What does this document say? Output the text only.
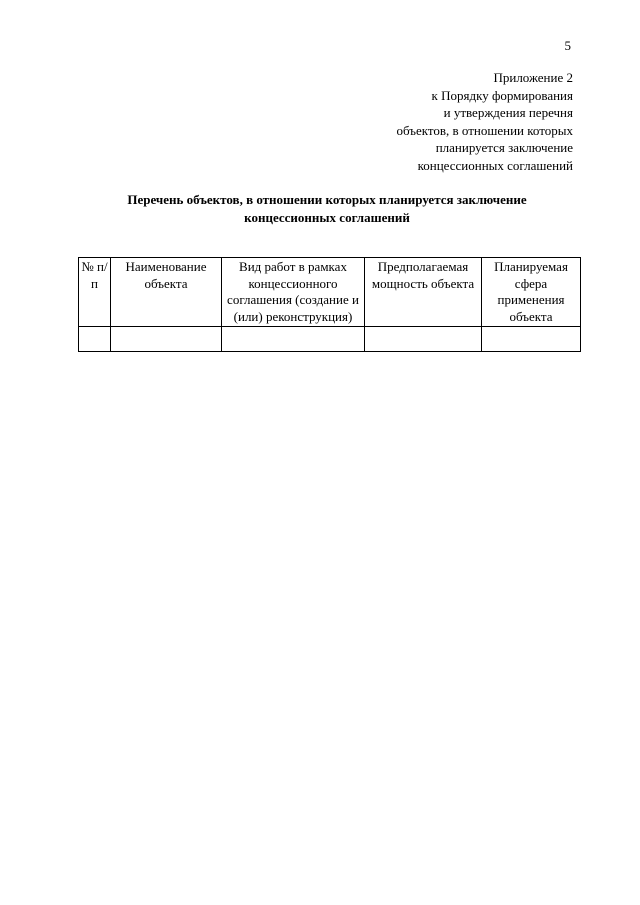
5
Приложение 2
к Порядку формирования
и утверждения перечня
объектов, в отношении которых
планируется заключение
концессионных соглашений
Перечень объектов, в отношении которых планируется заключение
концессионных соглашений
№ п/п	Наименование объекта	Вид работ в рамках концессионного соглашения (создание и (или) реконструкция)	Предполагаемая мощность объекта	Планируемая сфера применения объекта
